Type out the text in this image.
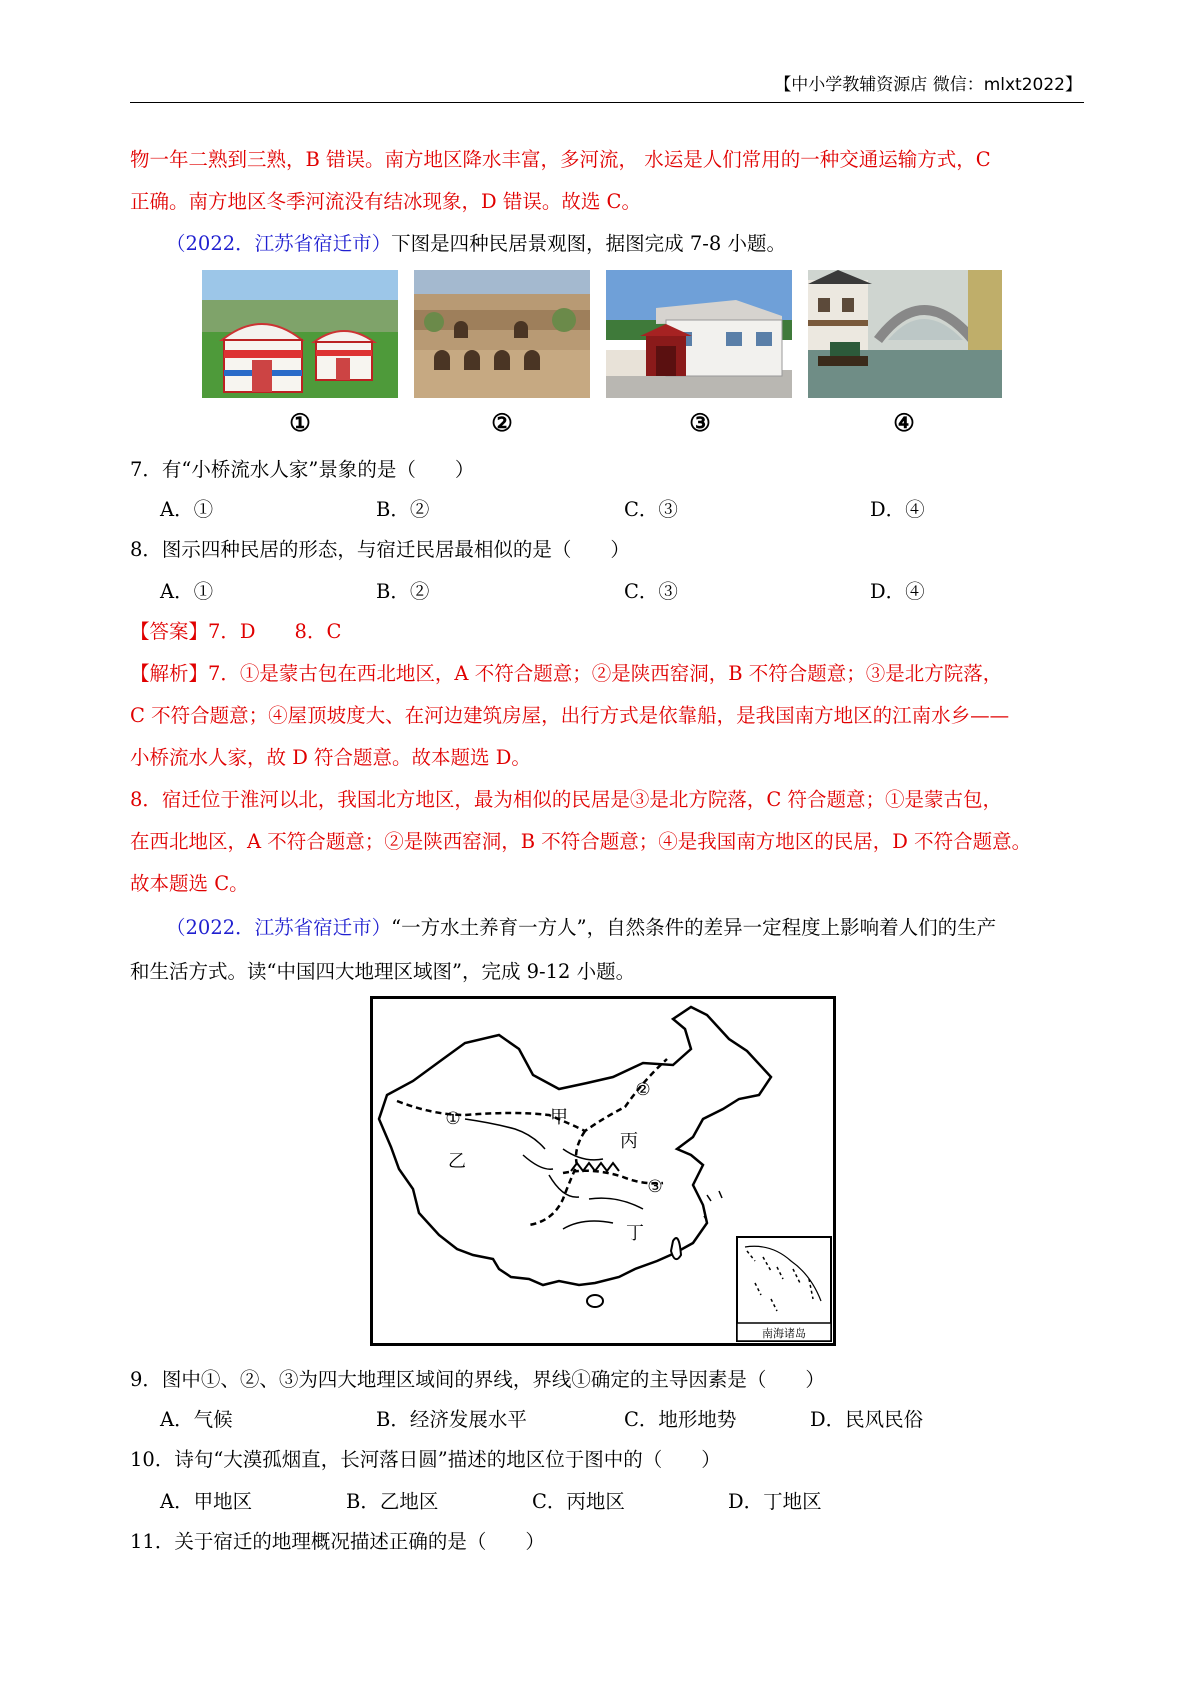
【中小学教辅资源店 微信：mlxt2022】
物一年二熟到三熟，B 错误。南方地区降水丰富，多河流， 水运是人们常用的一种交通运输方式，C
正确。南方地区冬季河流没有结冰现象，D 错误。故选 C。
（2022．江苏省宿迁市）下图是四种民居景观图，据图完成 7-8 小题。
①	②	③	④
7．有“小桥流水人家”景象的是（　　）
A．①	B．②	C．③	D．④
8．图示四种民居的形态，与宿迁民居最相似的是（　　）
A．①	B．②	C．③	D．④
【答案】7．D　　8．C
【解析】7．①是蒙古包在西北地区，A 不符合题意；②是陕西窑洞，B 不符合题意；③是北方院落，
C 不符合题意；④屋顶坡度大、在河边建筑房屋，出行方式是依靠船，是我国南方地区的江南水乡——
小桥流水人家，故 D 符合题意。故本题选 D。
8．宿迁位于淮河以北，我国北方地区，最为相似的民居是③是北方院落，C 符合题意；①是蒙古包，
在西北地区，A 不符合题意；②是陕西窑洞，B 不符合题意；④是我国南方地区的民居，D 不符合题意。
故本题选 C。
（2022．江苏省宿迁市）“一方水土养育一方人”，自然条件的差异一定程度上影响着人们的生产
和生活方式。读“中国四大地理区域图”，完成 9-12 小题。
①
②
③
甲
乙
丙
丁
南海诸岛
9．图中①、②、③为四大地理区域间的界线，界线①确定的主导因素是（　　）
A．气候	B．经济发展水平	C．地形地势	D．民风民俗
10．诗句“大漠孤烟直，长河落日圆”描述的地区位于图中的（　　）
A．甲地区	B．乙地区	C．丙地区	D．丁地区
11．关于宿迁的地理概况描述正确的是（　　）
